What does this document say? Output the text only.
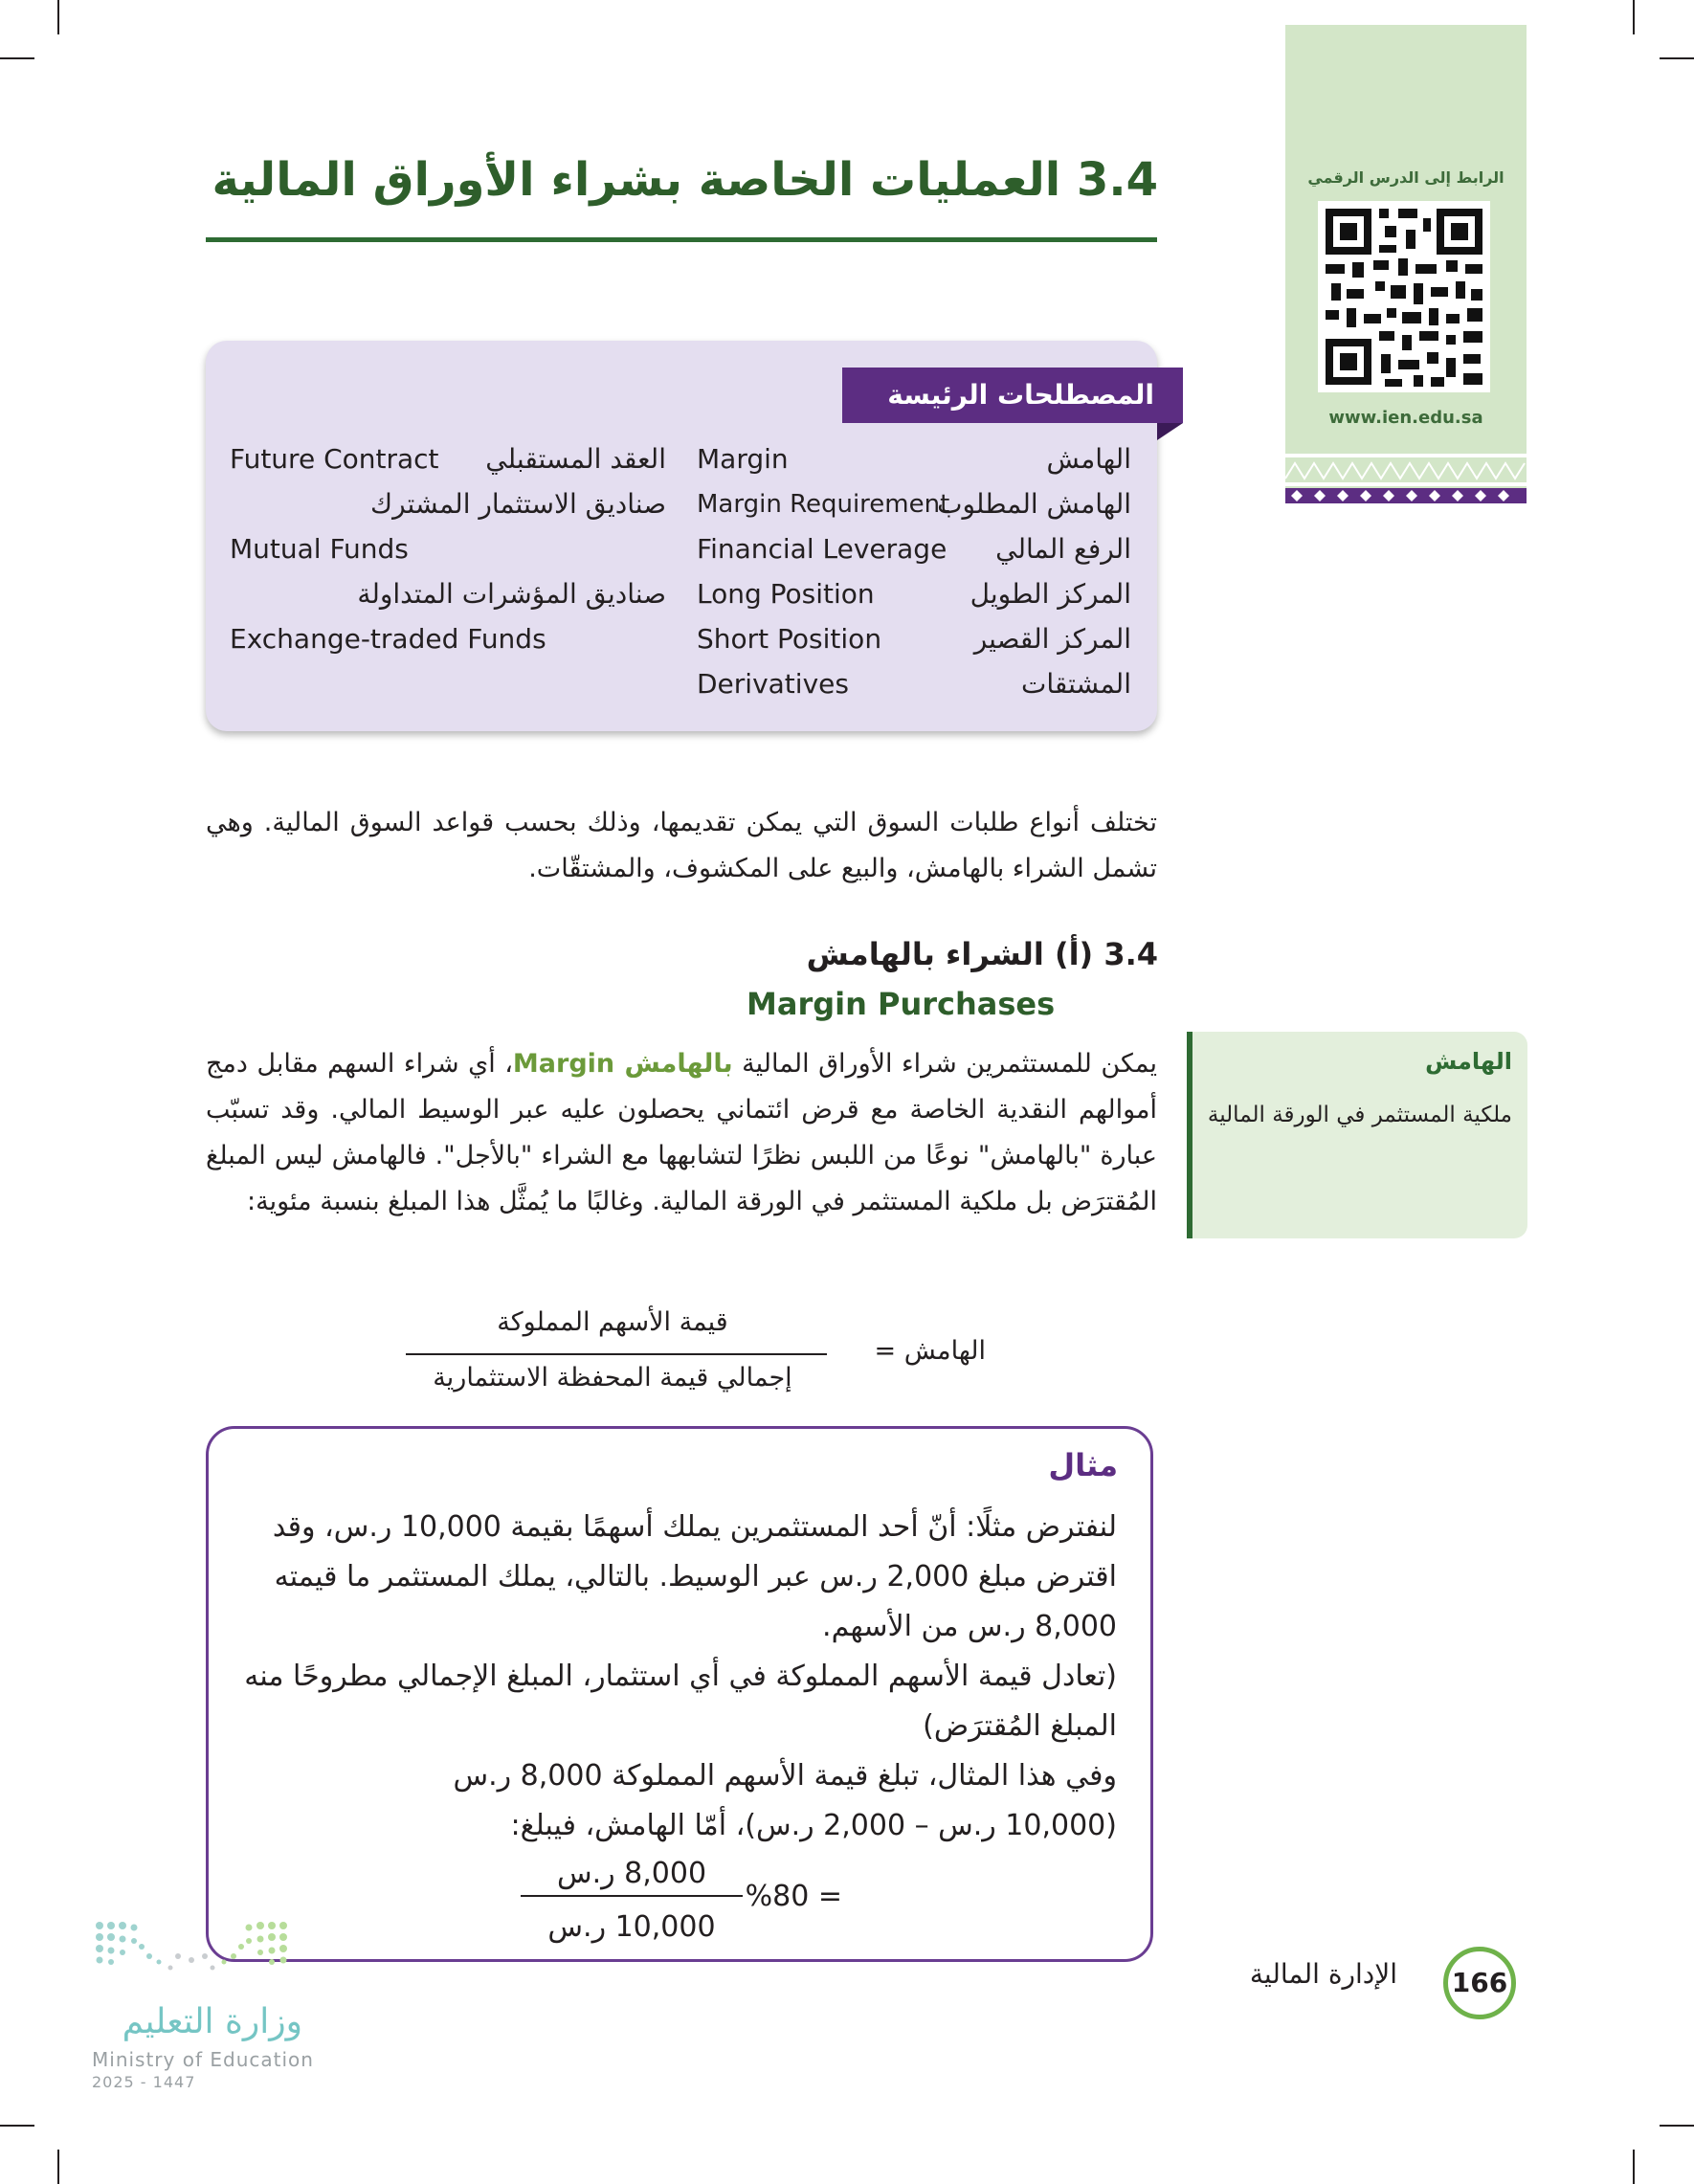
الرابط إلى الدرس الرقمي
www.ien.edu.sa
3.4 العمليات الخاصة بشراء الأوراق المالية
المصطلحات الرئيسة
الهامش
Margin
الهامش المطلوب
Margin Requirement
الرفع المالي
Financial Leverage
المركز الطويل
Long Position
المركز القصير
Short Position
المشتقات
Derivatives
Future Contract	العقد المستقبلي
صناديق الاستثمار المشترك
Mutual Funds
صناديق المؤشرات المتداولة
Exchange-traded Funds
تختلف أنواع طلبات السوق التي يمكن تقديمها، وذلك بحسب قواعد السوق المالية. وهي تشمل الشراء بالهامش، والبيع على المكشوف، والمشتقّات.
3.4 (أ) الشراء بالهامش
Margin Purchases
يمكن للمستثمرين شراء الأوراق المالية بالهامش Margin، أي شراء السهم مقابل دمج أموالهم النقدية الخاصة مع قرض ائتماني يحصلون عليه عبر الوسيط المالي. وقد تسبّب عبارة "بالهامش" نوعًا من اللبس نظرًا لتشابهها مع الشراء "بالأجل". فالهامش ليس المبلغ المُقترَض بل ملكية المستثمر في الورقة المالية. وغالبًا ما يُمثَّل هذا المبلغ بنسبة مئوية:
الهامش
ملكية المستثمر في الورقة المالية
الهامش =
قيمة الأسهم المملوكة
إجمالي قيمة المحفظة الاستثمارية
مثال
لنفترض مثلًا: أنّ أحد المستثمرين يملك أسهمًا بقيمة 10,000 ر.س، وقد
اقترض مبلغ 2,000 ر.س عبر الوسيط. بالتالي، يملك المستثمر ما قيمته
8,000 ر.س من الأسهم.
(تعادل قيمة الأسهم المملوكة في أي استثمار، المبلغ الإجمالي مطروحًا منه
المبلغ المُقترَض)
وفي هذا المثال، تبلغ قيمة الأسهم المملوكة 8,000 ر.س
(10,000 ر.س – 2,000 ر.س)، أمّا الهامش، فيبلغ:
8,000 ر.س
10,000 ر.س
= %80
166
الإدارة المالية
وزارة التعليم
Ministry of Education
2025 - 1447
